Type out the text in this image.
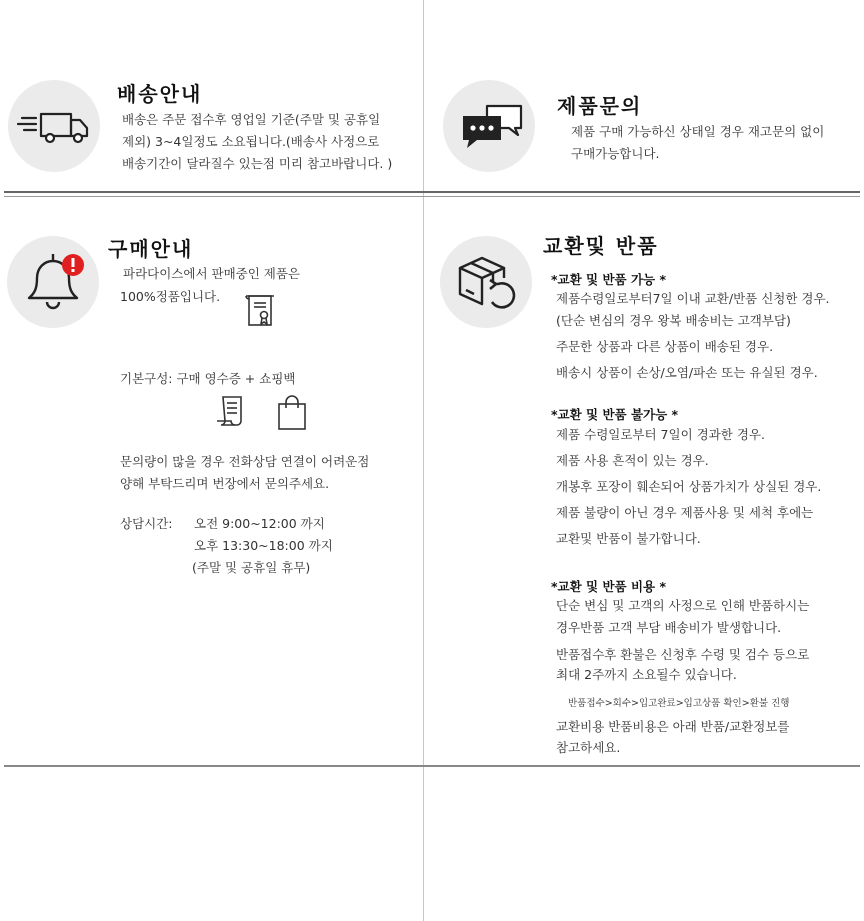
배송안내
배송은 주문 접수후 영업일 기준(주말 및 공휴일
제외) 3~4일정도 소요됩니다.(배송사 사정으로
배송기간이 달라질수 있는점 미리 참고바랍니다. )
제품문의
제품 구매 가능하신 상태일 경우 재고문의 없이
구매가능합니다.
구매안내
파라다이스에서 판매중인 제품은
100%정품입니다.
기본구성: 구매 영수증 + 쇼핑백
문의량이 많을 경우 전화상담 연결이 어려운점
양해 부탁드리며 번장에서 문의주세요.
상담시간: 오전 9:00~12:00 까지
오후 13:30~18:00 까지
(주말 및 공휴일 휴무)
교환및 반품
*교환 및 반품 가능 *
제품수령일로부터7일 이내 교환/반품 신청한 경우.
(단순 변심의 경우 왕복 배송비는 고객부담)
주문한 상품과 다른 상품이 배송된 경우.
배송시 상품이 손상/오염/파손 또는 유실된 경우.
*교환 및 반품 불가능 *
제품 수령일로부터 7일이 경과한 경우.
제품 사용 흔적이 있는 경우.
개봉후 포장이 훼손되어 상품가치가 상실된 경우.
제품 불량이 아닌 경우 제품사용 및 세척 후에는
교환및 반품이 불가합니다.
*교환 및 반품 비용 *
단순 변심 및 고객의 사정으로 인해 반품하시는
경우반품 고객 부담 배송비가 발생합니다.
반품접수후 환불은 신청후 수령 및 검수 등으로
최대 2주까지 소요될수 있습니다.
반품접수>회수>입고완료>입고상품 확인>환불 진행
교환비용 반품비용은 아래 반품/교환정보를
참고하세요.
